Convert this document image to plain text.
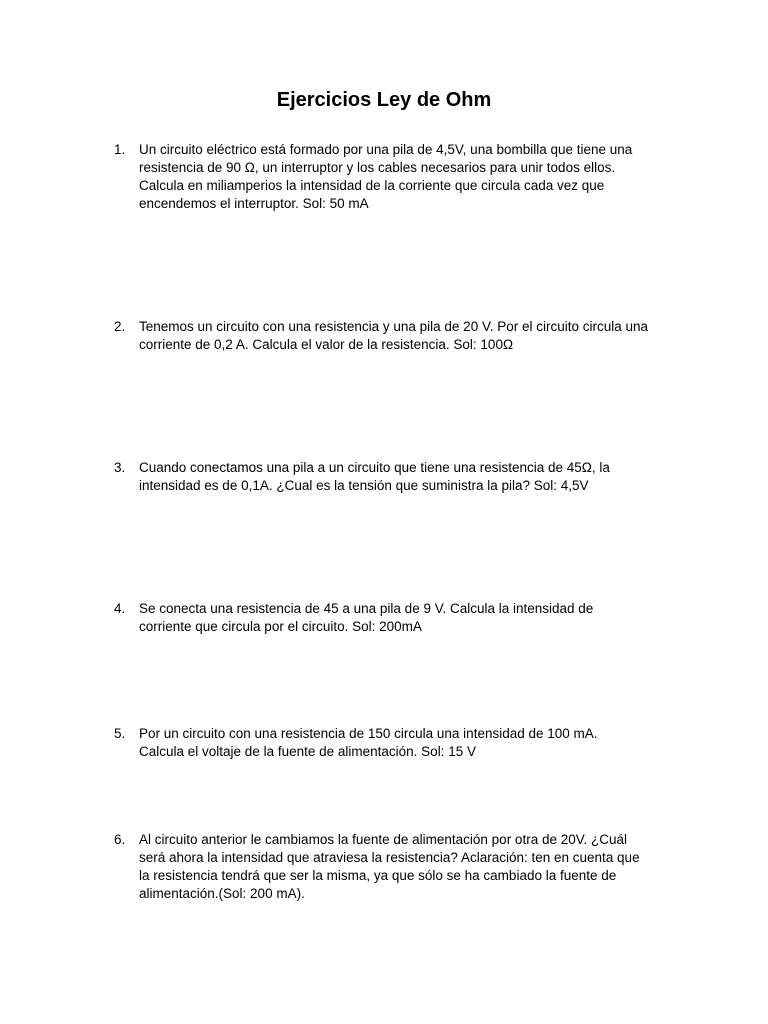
Ejercicios Ley de Ohm
1. Un circuito eléctrico está formado por una pila de 4,5V, una bombilla que tiene una
resistencia de 90 Ω, un interruptor y los cables necesarios para unir todos ellos.
Calcula en miliamperios la intensidad de la corriente que circula cada vez que
encendemos el interruptor. Sol: 50 mA
2. Tenemos un circuito con una resistencia y una pila de 20 V. Por el circuito circula una
corriente de 0,2 A. Calcula el valor de la resistencia. Sol: 100Ω
3. Cuando conectamos una pila a un circuito que tiene una resistencia de 45Ω, la
intensidad es de 0,1A. ¿Cual es la tensión que suministra la pila? Sol: 4,5V
4. Se conecta una resistencia de 45 a una pila de 9 V. Calcula la intensidad de
corriente que circula por el circuito. Sol: 200mA
5. Por un circuito con una resistencia de 150 circula una intensidad de 100 mA.
Calcula el voltaje de la fuente de alimentación. Sol: 15 V
6. Al circuito anterior le cambiamos la fuente de alimentación por otra de 20V. ¿Cuál
será ahora la intensidad que atraviesa la resistencia? Aclaración: ten en cuenta que
la resistencia tendrá que ser la misma, ya que sólo se ha cambiado la fuente de
alimentación.(Sol: 200 mA).
